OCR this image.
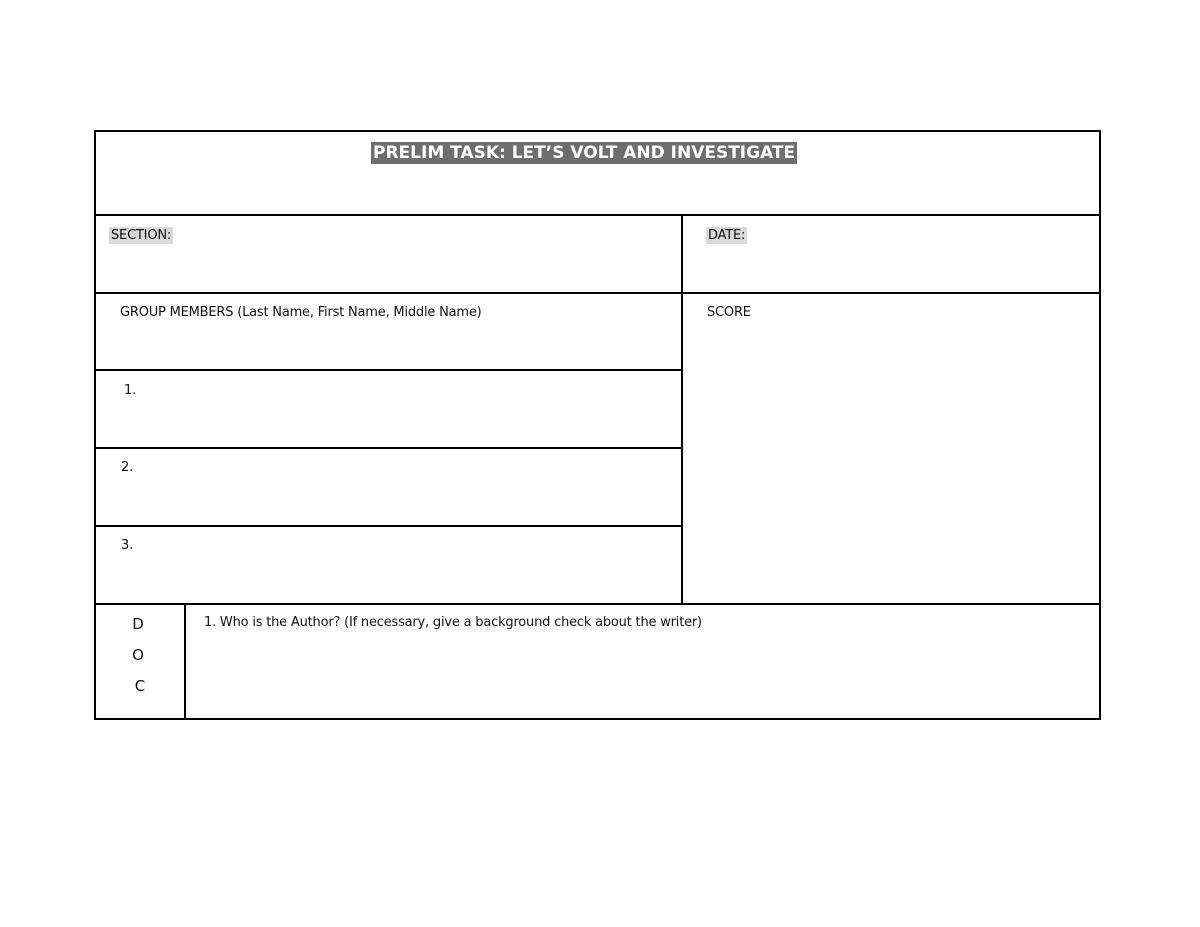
PRELIM TASK: LET’S VOLT AND INVESTIGATE
SECTION:	DATE:
GROUP MEMBERS (Last Name, First Name, Middle Name)	SCORE
1.
2.
3.
D
O
C
1. Who is the Author? (If necessary, give a background check about the writer)
